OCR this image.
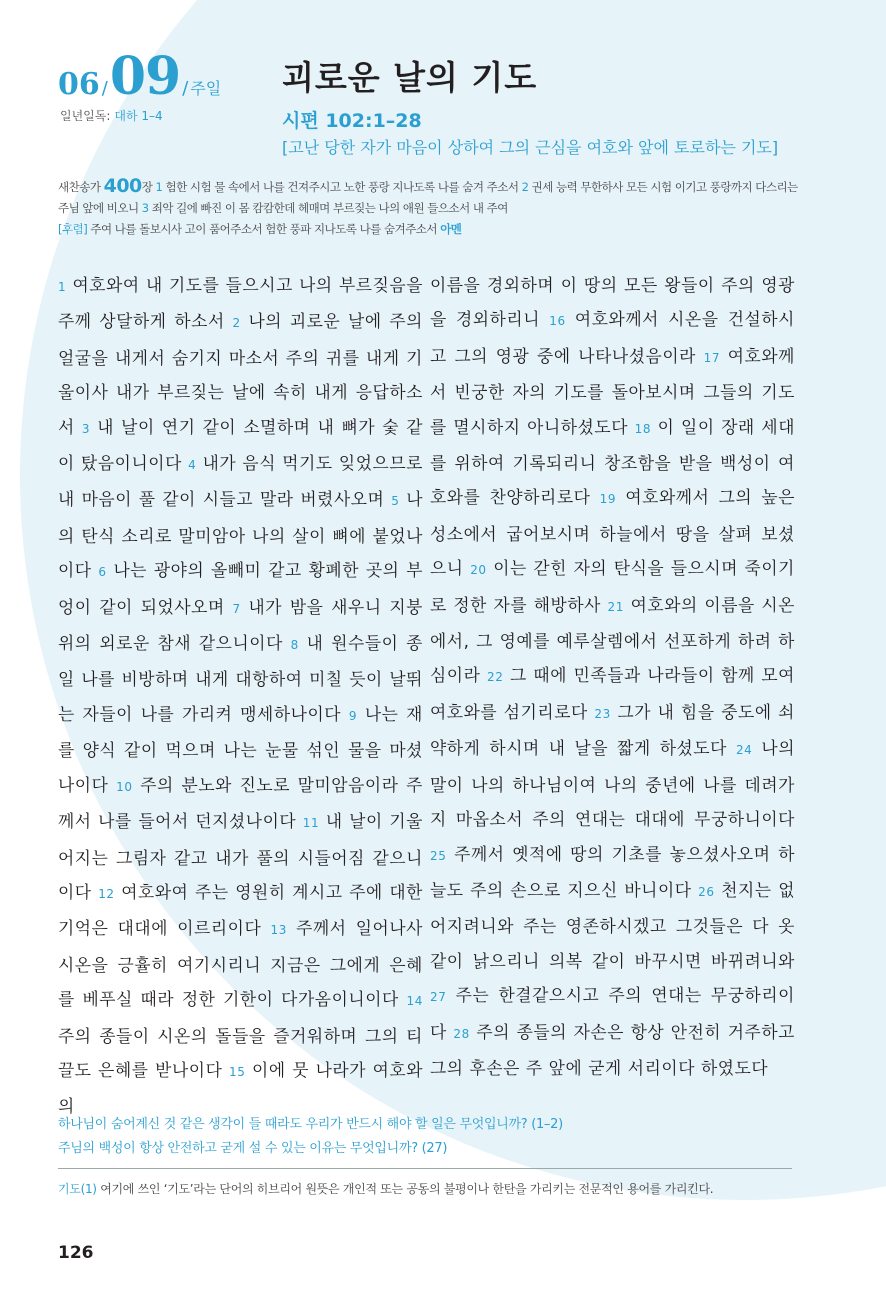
06 /09 / 주일
일년일독: 대하 1–4
괴로운 날의 기도
시편 102:1–28
[고난 당한 자가 마음이 상하여 그의 근심을 여호와 앞에 토로하는 기도]
새찬송가 400장 1 험한 시험 물 속에서 나를 건져주시고 노한 풍랑 지나도록 나를 숨겨 주소서 2 권세 능력 무한하사 모든 시험 이기고 풍랑까지 다스리는 주님 앞에 비오니 3 죄악 길에 빠진 이 몸 캄캄한데 헤매며 부르짖는 나의 애원 들으소서 내 주여
[후렴] 주여 나를 돌보시사 고이 품어주소서 험한 풍파 지나도록 나를 숨겨주소서 아멘
1 여호와여 내 기도를 들으시고 나의 부르짖음을 주께 상달하게 하소서 2 나의 괴로운 날에 주의 얼굴을 내게서 숨기지 마소서 주의 귀를 내게 기울이사 내가 부르짖는 날에 속히 내게 응답하소서 3 내 날이 연기 같이 소멸하며 내 뼈가 숯 같이 탔음이니이다 4 내가 음식 먹기도 잊었으므로 내 마음이 풀 같이 시들고 말라 버렸사오며 5 나의 탄식 소리로 말미암아 나의 살이 뼈에 붙었나이다 6 나는 광야의 올빼미 같고 황폐한 곳의 부엉이 같이 되었사오며 7 내가 밤을 새우니 지붕 위의 외로운 참새 같으니이다 8 내 원수들이 종일 나를 비방하며 내게 대항하여 미칠 듯이 날뛰는 자들이 나를 가리켜 맹세하나이다 9 나는 재를 양식 같이 먹으며 나는 눈물 섞인 물을 마셨나이다 10 주의 분노와 진노로 말미암음이라 주께서 나를 들어서 던지셨나이다 11 내 날이 기울어지는 그림자 같고 내가 풀의 시들어짐 같으니이다 12 여호와여 주는 영원히 계시고 주에 대한 기억은 대대에 이르리이다 13 주께서 일어나사 시온을 긍휼히 여기시리니 지금은 그에게 은혜를 베푸실 때라 정한 기한이 다가옴이니이다 14 주의 종들이 시온의 돌들을 즐거워하며 그의 티끌도 은혜를 받나이다 15 이에 뭇 나라가 여호와의
이름을 경외하며 이 땅의 모든 왕들이 주의 영광을 경외하리니 16 여호와께서 시온을 건설하시고 그의 영광 중에 나타나셨음이라 17 여호와께서 빈궁한 자의 기도를 돌아보시며 그들의 기도를 멸시하지 아니하셨도다 18 이 일이 장래 세대를 위하여 기록되리니 창조함을 받을 백성이 여호와를 찬양하리로다 19 여호와께서 그의 높은 성소에서 굽어보시며 하늘에서 땅을 살펴 보셨으니 20 이는 갇힌 자의 탄식을 들으시며 죽이기로 정한 자를 해방하사 21 여호와의 이름을 시온에서, 그 영예를 예루살렘에서 선포하게 하려 하심이라 22 그 때에 민족들과 나라들이 함께 모여 여호와를 섬기리로다 23 그가 내 힘을 중도에 쇠약하게 하시며 내 날을 짧게 하셨도다 24 나의 말이 나의 하나님이여 나의 중년에 나를 데려가지 마옵소서 주의 연대는 대대에 무궁하니이다 25 주께서 옛적에 땅의 기초를 놓으셨사오며 하늘도 주의 손으로 지으신 바니이다 26 천지는 없어지려니와 주는 영존하시겠고 그것들은 다 옷 같이 낡으리니 의복 같이 바꾸시면 바뀌려니와 27 주는 한결같으시고 주의 연대는 무궁하리이다 28 주의 종들의 자손은 항상 안전히 거주하고 그의 후손은 주 앞에 굳게 서리이다 하였도다
하나님이 숨어계신 것 같은 생각이 들 때라도 우리가 반드시 해야 할 일은 무엇입니까? (1–2)
주님의 백성이 항상 안전하고 굳게 설 수 있는 이유는 무엇입니까? (27)
기도(1) 여기에 쓰인 ‘기도’라는 단어의 히브리어 원뜻은 개인적 또는 공동의 불평이나 한탄을 가리키는 전문적인 용어를 가리킨다.
126
